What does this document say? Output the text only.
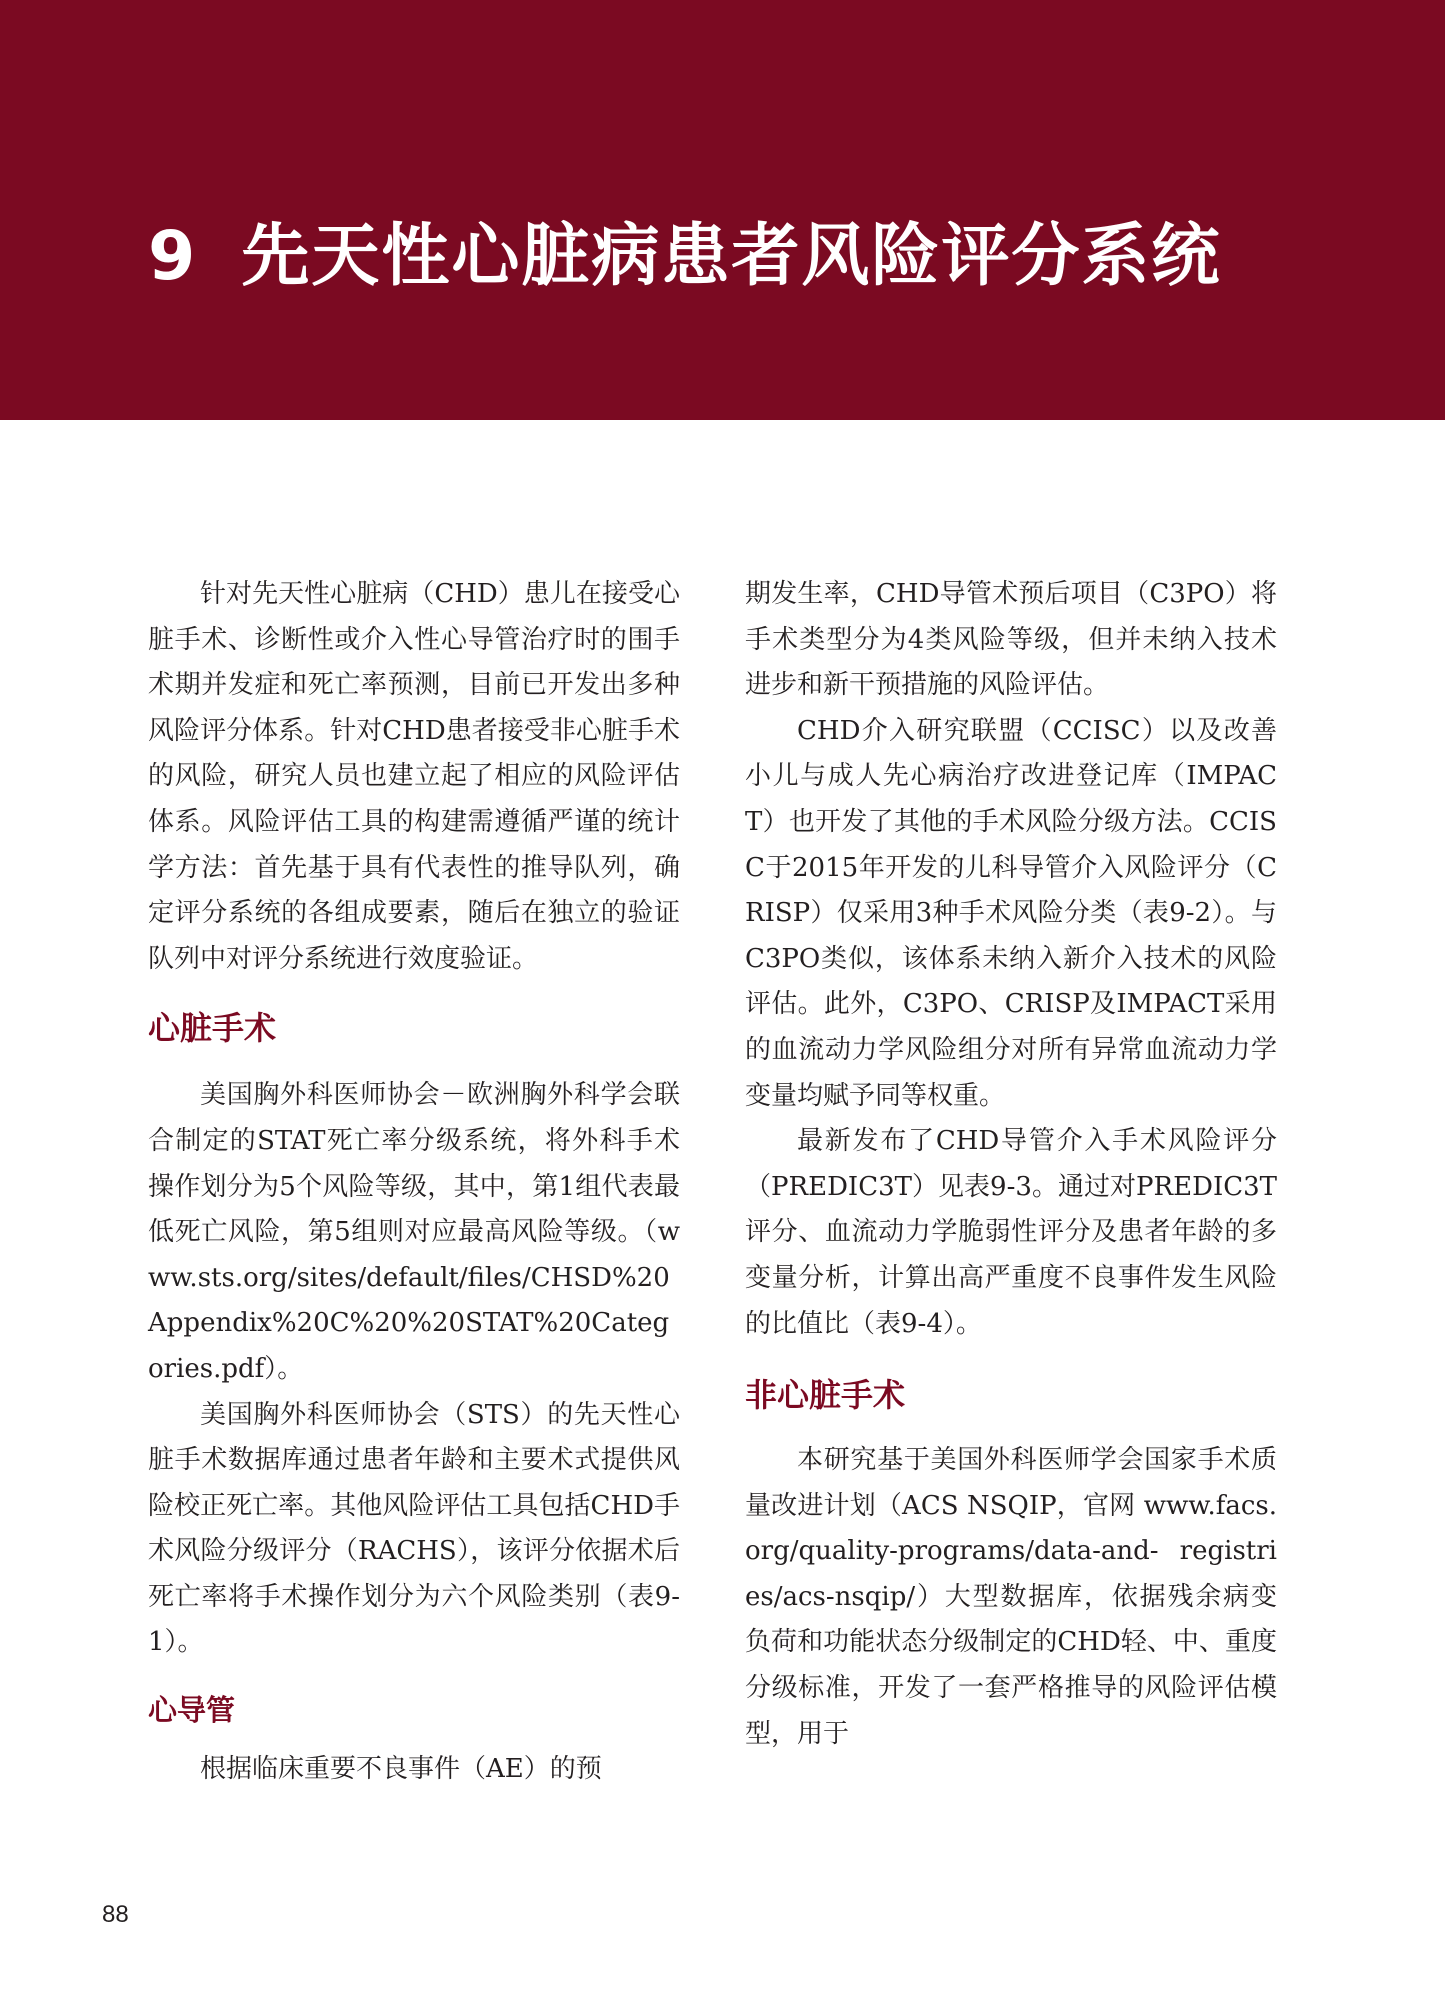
9 先天性心脏病患者风险评分系统

针对先天性心脏病（CHD）患儿在接受心脏手术、诊断性或介入性心导管治疗时的围手术期并发症和死亡率预测，目前已开发出多种风险评分体系。针对CHD患者接受非心脏手术的风险，研究人员也建立起了相应的风险评估体系。风险评估工具的构建需遵循严谨的统计学方法：首先基于具有代表性的推导队列，确定评分系统的各组成要素，随后在独立的验证队列中对评分系统进行效度验证。

心脏手术

美国胸外科医师协会－欧洲胸外科学会联合制定的STAT死亡率分级系统，将外科手术操作划分为5个风险等级，其中，第1组代表最低死亡风险，第5组则对应最高风险等级。（www.sts.org/sites/default/files/CHSD%20Appendix%20C%20%20STAT%20Categories.pdf）。

美国胸外科医师协会（STS）的先天性心脏手术数据库通过患者年龄和主要术式提供风险校正死亡率。其他风险评估工具包括CHD手术风险分级评分（RACHS），该评分依据术后死亡率将手术操作划分为六个风险类别（表9-1）。

心导管

根据临床重要不良事件（AE）的预

期发生率，CHD导管术预后项目（C3PO）将手术类型分为4类风险等级，但并未纳入技术进步和新干预措施的风险评估。

CHD介入研究联盟（CCISC）以及改善小儿与成人先心病治疗改进登记库（IMPACT）也开发了其他的手术风险分级方法。CCISC于2015年开发的儿科导管介入风险评分（CRISP）仅采用3种手术风险分类（表9-2）。与C3PO类似，该体系未纳入新介入技术的风险评估。此外，C3PO、CRISP及IMPACT采用的血流动力学风险组分对所有异常血流动力学变量均赋予同等权重。

最新发布了CHD导管介入手术风险评分（PREDIC3T）见表9-3。通过对PREDIC3T评分、血流动力学脆弱性评分及患者年龄的多变量分析，计算出高严重度不良事件发生风险的比值比（表9-4）。

非心脏手术

本研究基于美国外科医师学会国家手术质量改进计划（ACS NSQIP，官网 www.facs.org/quality-programs/data-and- registries/acs-nsqip/）大型数据库，依据残余病变负荷和功能状态分级制定的CHD轻、中、重度分级标准，开发了一套严格推导的风险评估模型，用于

88
